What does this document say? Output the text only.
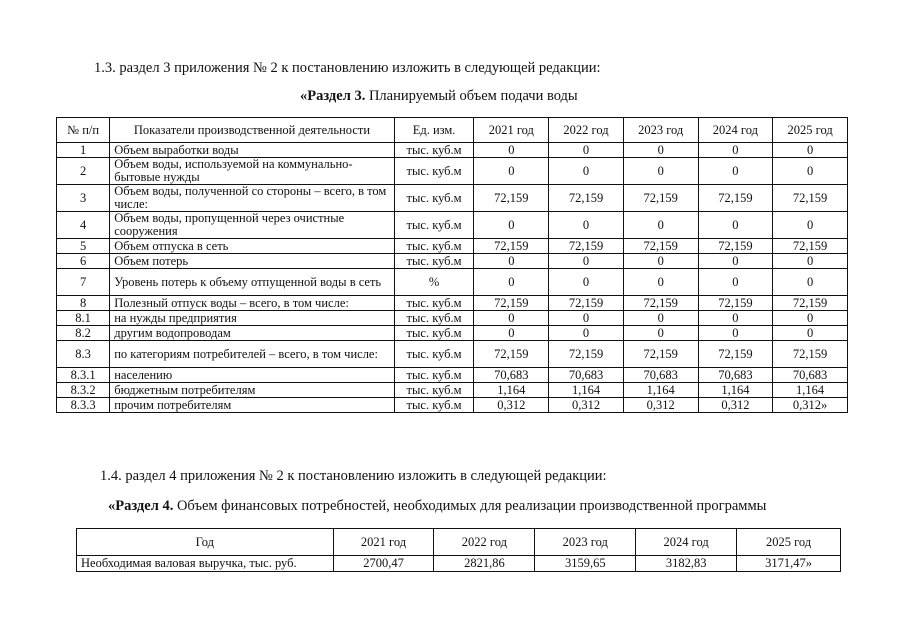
1.3. раздел 3 приложения № 2 к постановлению изложить в следующей редакции:
«Раздел 3. Планируемый объем подачи воды
№ п/п	Показатели производственной деятельности	Ед. изм.	2021 год	2022 год	2023 год	2024 год	2025 год
1	Объем выработки воды	тыс. куб.м	0	0	0	0	0
2	Объем воды, используемой на коммунально-бытовые нужды	тыс. куб.м	0	0	0	0	0
3	Объем воды, полученной со стороны – всего, в том числе:	тыс. куб.м	72,159	72,159	72,159	72,159	72,159
4	Объем воды, пропущенной через очистные сооружения	тыс. куб.м	0	0	0	0	0
5	Объем отпуска в сеть	тыс. куб.м	72,159	72,159	72,159	72,159	72,159
6	Объем потерь	тыс. куб.м	0	0	0	0	0
7	Уровень потерь к объему отпущенной воды в сеть	%	0	0	0	0	0
8	Полезный отпуск воды – всего, в том числе:	тыс. куб.м	72,159	72,159	72,159	72,159	72,159
8.1	на нужды предприятия	тыс. куб.м	0	0	0	0	0
8.2	другим водопроводам	тыс. куб.м	0	0	0	0	0
8.3	по категориям потребителей – всего, в том числе:	тыс. куб.м	72,159	72,159	72,159	72,159	72,159
8.3.1	населению	тыс. куб.м	70,683	70,683	70,683	70,683	70,683
8.3.2	бюджетным потребителям	тыс. куб.м	1,164	1,164	1,164	1,164	1,164
8.3.3	прочим потребителям	тыс. куб.м	0,312	0,312	0,312	0,312	0,312»
1.4. раздел 4 приложения № 2 к постановлению изложить в следующей редакции:
«Раздел 4. Объем финансовых потребностей, необходимых для реализации производственной программы
Год	2021 год	2022 год	2023 год	2024 год	2025 год
Необходимая валовая выручка, тыс. руб.	2700,47	2821,86	3159,65	3182,83	3171,47»
